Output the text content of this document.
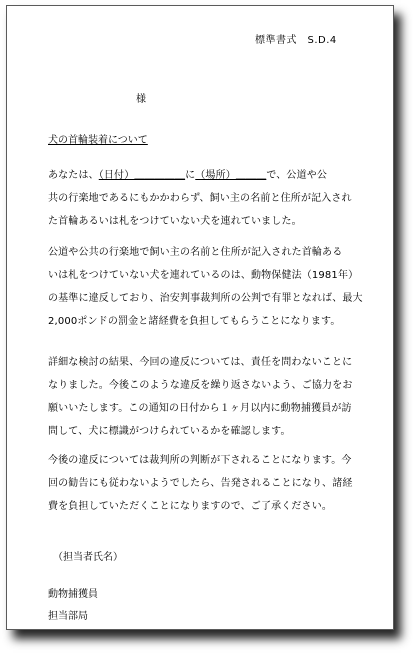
標準書式　S.D.4
様
犬の首輪装着について
あなたは、（日付）＿＿＿＿＿に（場所）＿＿＿で、公道や公
共の行楽地であるにもかかわらず、飼い主の名前と住所が記入され
た首輪あるいは札をつけていない犬を連れていました。
公道や公共の行楽地で飼い主の名前と住所が記入された首輪ある
いは札をつけていない犬を連れているのは、動物保健法（1981年）
の基準に違反しており、治安判事裁判所の公判で有罪となれば、最大
2,000ポンドの罰金と諸経費を負担してもらうことになります。
詳細な検討の結果、今回の違反については、責任を問わないことに
なりました。今後このような違反を繰り返さないよう、ご協力をお
願いいたします。この通知の日付から１ヶ月以内に動物捕獲員が訪
問して、犬に標識がつけられているかを確認します。
今後の違反については裁判所の判断が下されることになります。今
回の勧告にも従わないようでしたら、告発されることになり、諸経
費を負担していただくことになりますので、ご了承ください。
（担当者氏名）
動物捕獲員
担当部局
